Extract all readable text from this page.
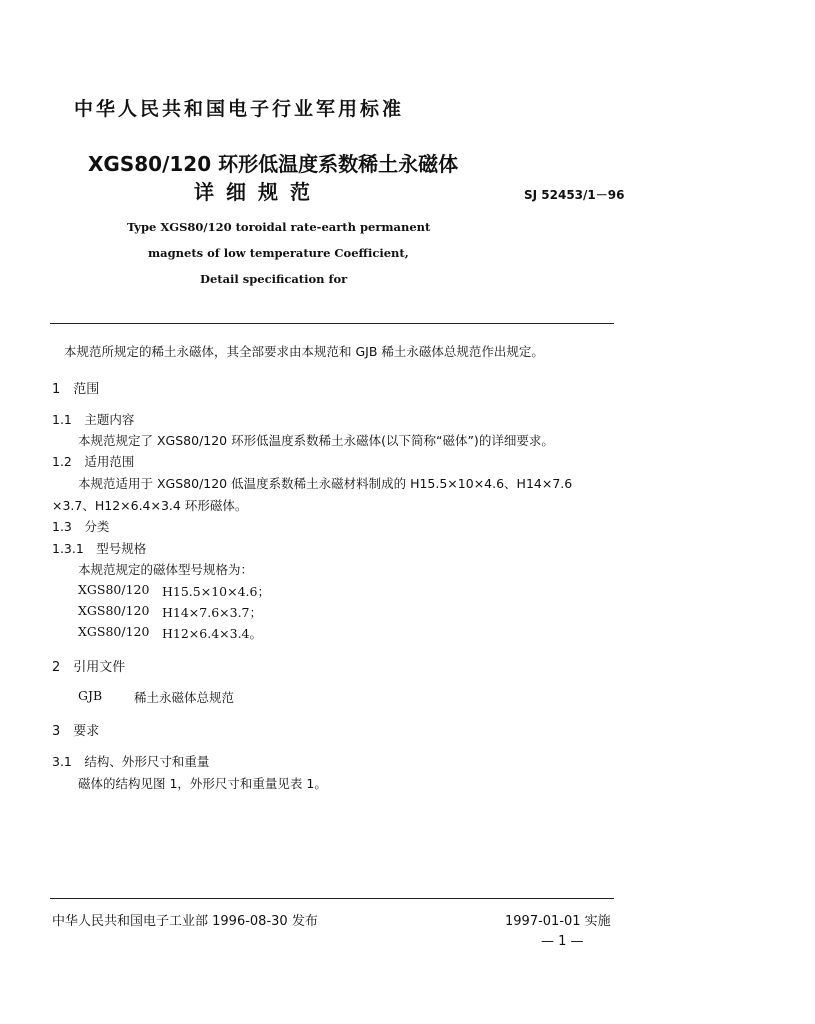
中华人民共和国电子行业军用标准
XGS80/120 环形低温度系数稀土永磁体
详细规范	SJ 52453/1－96
Type XGS80/120 toroidal rate-earth permanent
magnets of low temperature Coefficient,
Detail specification for
本规范所规定的稀土永磁体，其全部要求由本规范和 GJB 稀土永磁体总规范作出规定。
1　范围
1.1　主题内容
本规范规定了 XGS80/120 环形低温度系数稀土永磁体(以下简称“磁体”)的详细要求。
1.2　适用范围
本规范适用于 XGS80/120 低温度系数稀土永磁材料制成的 H15.5×10×4.6、H14×7.6
×3.7、H12×6.4×3.4 环形磁体。
1.3　分类
1.3.1　型号规格
本规范规定的磁体型号规格为：
XGS80/120 H15.5×10×4.6；
XGS80/120 H14×7.6×3.7；
XGS80/120 H12×6.4×3.4。
2　引用文件
GJB	稀土永磁体总规范
3　要求
3.1　结构、外形尺寸和重量
磁体的结构见图 1，外形尺寸和重量见表 1。
中华人民共和国电子工业部 1996-08-30 发布	1997-01-01 实施
— 1 —
